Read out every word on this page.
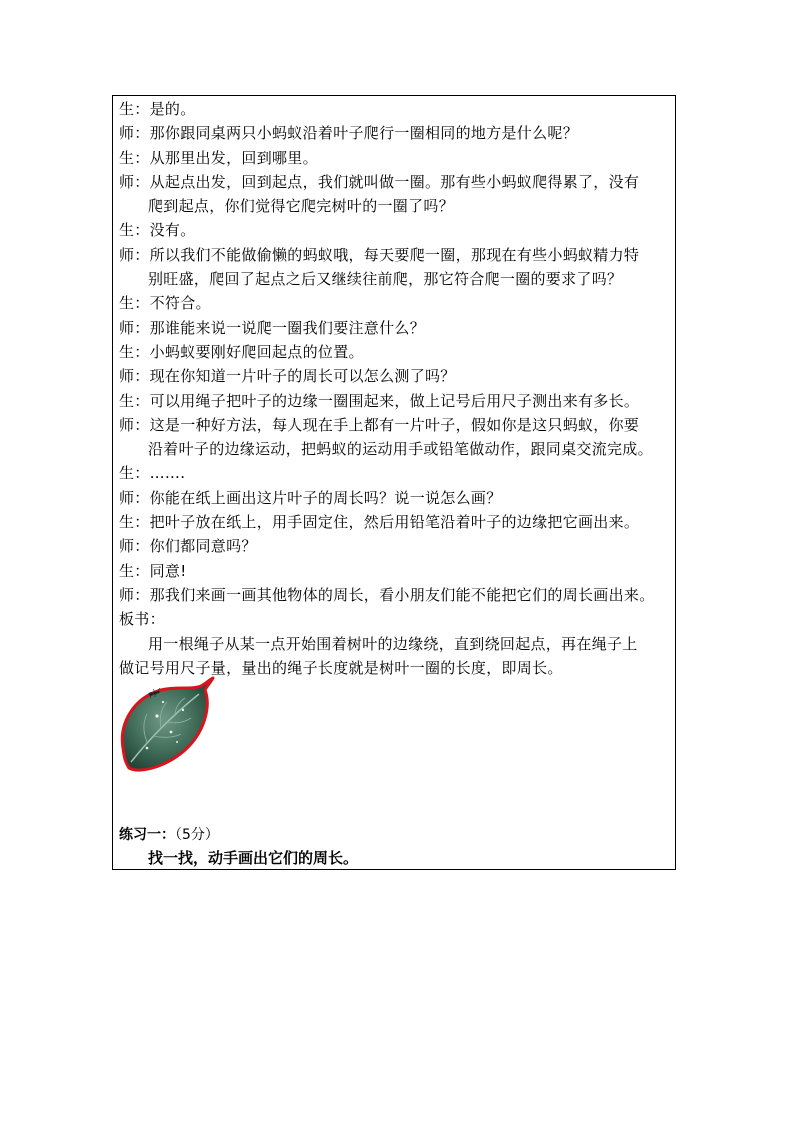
生：是的。
师：那你跟同桌两只小蚂蚁沿着叶子爬行一圈相同的地方是什么呢？
生：从那里出发，回到哪里。
师：从起点出发，回到起点，我们就叫做一圈。那有些小蚂蚁爬得累了，没有
爬到起点，你们觉得它爬完树叶的一圈了吗？
生：没有。
师：所以我们不能做偷懒的蚂蚁哦，每天要爬一圈，那现在有些小蚂蚁精力特
别旺盛，爬回了起点之后又继续往前爬，那它符合爬一圈的要求了吗？
生：不符合。
师：那谁能来说一说爬一圈我们要注意什么？
生：小蚂蚁要刚好爬回起点的位置。
师：现在你知道一片叶子的周长可以怎么测了吗？
生：可以用绳子把叶子的边缘一圈围起来，做上记号后用尺子测出来有多长。
师：这是一种好方法，每人现在手上都有一片叶子，假如你是这只蚂蚁，你要
沿着叶子的边缘运动，把蚂蚁的运动用手或铅笔做动作，跟同桌交流完成。
生：…….
师：你能在纸上画出这片叶子的周长吗？说一说怎么画？
生：把叶子放在纸上，用手固定住，然后用铅笔沿着叶子的边缘把它画出来。
师：你们都同意吗？
生：同意!
师：那我们来画一画其他物体的周长，看小朋友们能不能把它们的周长画出来。
板书：
用一根绳子从某一点开始围着树叶的边缘绕，直到绕回起点，再在绳子上
做记号用尺子量，量出的绳子长度就是树叶一圈的长度，即周长。
练习一：（5分）
找一找，动手画出它们的周长。
